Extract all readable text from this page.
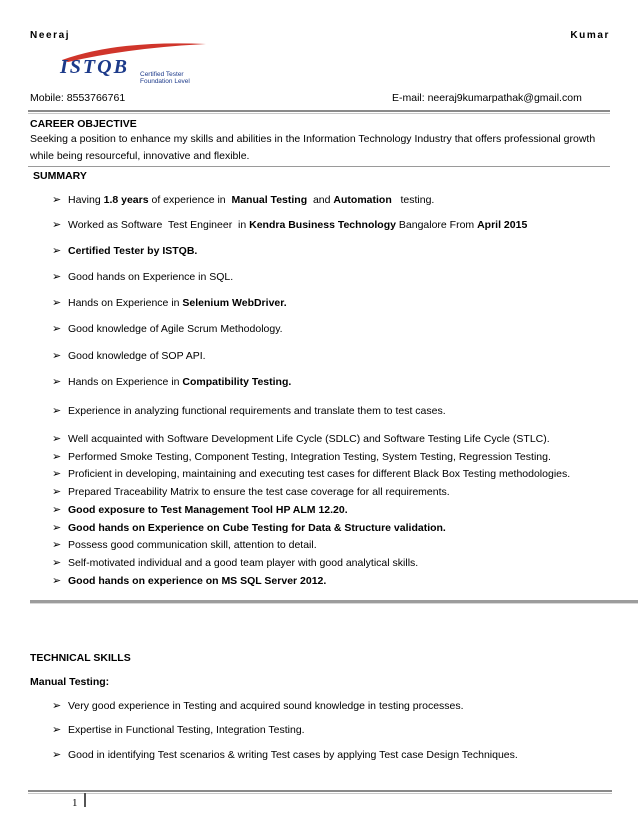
Neeraj	Kumar
ISTQB Certified Tester
Foundation Level
Mobile: 8553766761	E-mail: neeraj9kumarpathak@gmail.com
CAREER OBJECTIVE
Seeking a position to enhance my skills and abilities in the Information Technology Industry that offers professional growth while being resourceful, innovative and flexible.
SUMMARY
➢ Having 1.8 years of experience in  Manual Testing  and Automation   testing.
➢ Worked as Software  Test Engineer  in Kendra Business Technology Bangalore From April 2015
➢ Certified Tester by ISTQB.
➢ Good hands on Experience in SQL.
➢ Hands on Experience in Selenium WebDriver.
➢ Good knowledge of Agile Scrum Methodology.
➢ Good knowledge of SOP API.
➢ Hands on Experience in Compatibility Testing.
➢ Experience in analyzing functional requirements and translate them to test cases.
➢ Well acquainted with Software Development Life Cycle (SDLC) and Software Testing Life Cycle (STLC).
➢ Performed Smoke Testing, Component Testing, Integration Testing, System Testing, Regression Testing.
➢ Proficient in developing, maintaining and executing test cases for different Black Box Testing methodologies.
➢ Prepared Traceability Matrix to ensure the test case coverage for all requirements.
➢ Good exposure to Test Management Tool HP ALM 12.20.
➢ Good hands on Experience on Cube Testing for Data & Structure validation.
➢ Possess good communication skill, attention to detail.
➢ Self-motivated individual and a good team player with good analytical skills.
➢ Good hands on experience on MS SQL Server 2012.
TECHNICAL SKILLS
Manual Testing:
➢ Very good experience in Testing and acquired sound knowledge in testing processes.
➢ Expertise in Functional Testing, Integration Testing.
➢ Good in identifying Test scenarios & writing Test cases by applying Test case Design Techniques.
1
